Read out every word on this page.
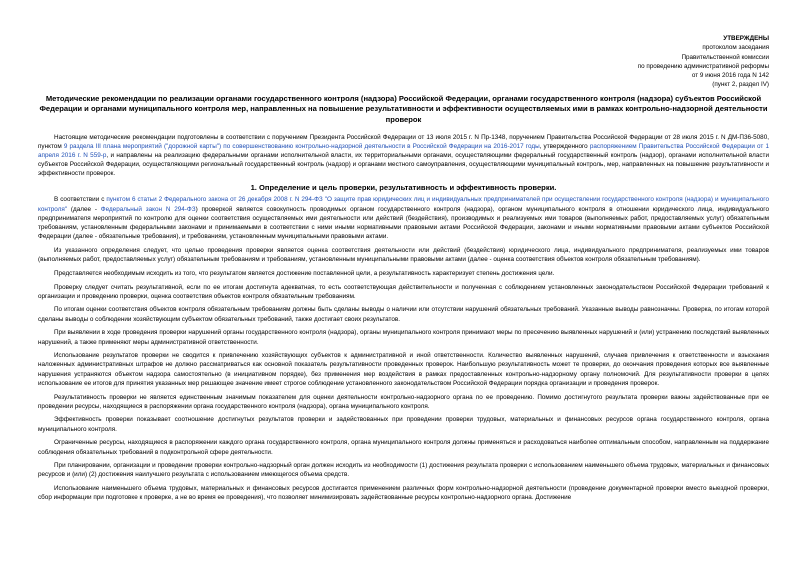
УТВЕРЖДЕНЫ
протоколом заседания
Правительственной комиссии
по проведению административной реформы
от 9 июня 2016 года N 142
(пункт 2, раздел IV)
Методические рекомендации по реализации органами государственного контроля (надзора) Российской Федерации, органами государственного контроля (надзора) субъектов Российской Федерации и органами муниципального контроля мер, направленных на повышение результативности и эффективности осуществляемых ими в рамках контрольно-надзорной деятельности проверок

Настоящие методические рекомендации подготовлены в соответствии с поручением Президента Российской Федерации от 13 июля 2015 г. N Пр-1348, поручением Правительства Российской Федерации от 28 июля 2015 г. N ДМ-П36-5080, пунктом 9 раздела III плана мероприятий ("дорожной карты") по совершенствованию контрольно-надзорной деятельности в Российской Федерации на 2016-2017 годы, утвержденного распоряжением Правительства Российской Федерации от 1 апреля 2016 г. N 559-р, и направлены на реализацию федеральными органами исполнительной власти, их территориальными органами, осуществляющими федеральный государственный контроль (надзор), органами исполнительной власти субъектов Российской Федерации, осуществляющими региональный государственный контроль (надзор) и органами местного самоуправления, осуществляющими муниципальный контроль, мер, направленных на повышение результативности и эффективности проверок.

1. Определение и цель проверки, результативность и эффективность проверки.

В соответствии с пунктом 6 статьи 2 Федерального закона от 26 декабря 2008 г. N 294-ФЗ "О защите прав юридических лиц и индивидуальных предпринимателей при осуществлении государственного контроля (надзора) и муниципального контроля" (далее - Федеральный закон N 294-ФЗ) проверкой является совокупность проводимых органом государственного контроля (надзора), органом муниципального контроля в отношении юридического лица, индивидуального предпринимателя мероприятий по контролю для оценки соответствия осуществляемых ими деятельности или действий (бездействия), производимых и реализуемых ими товаров (выполняемых работ, предоставляемых услуг) обязательным требованиям, установленным федеральными законами и принимаемыми в соответствии с ними иными нормативными правовыми актами Российской Федерации, законами и иными нормативными правовыми актами субъектов Российской Федерации (далее - обязательные требования), и требованиям, установленным муниципальными правовыми актами.

Из указанного определения следует, что целью проведения проверки является оценка соответствия деятельности или действий (бездействия) юридического лица, индивидуального предпринимателя, реализуемых ими товаров (выполняемых работ, предоставляемых услуг) обязательным требованиям и требованиям, установленным муниципальными правовыми актами (далее - оценка соответствия объектов контроля обязательным требованиям).

Представляется необходимым исходить из того, что результатом является достижение поставленной цели, а результативность характеризует степень достижения цели.

Проверку следует считать результативной, если по ее итогам достигнута адекватная, то есть соответствующая действительности и полученная с соблюдением установленных законодательством Российской Федерации требований к организации и проведению проверки, оценка соответствия объектов контроля обязательным требованиям.

По итогам оценки соответствия объектов контроля обязательным требованиям должны быть сделаны выводы о наличии или отсутствии нарушений обязательных требований. Указанные выводы равнозначны. Проверка, по итогам которой сделаны выводы о соблюдении хозяйствующим субъектом обязательных требований, также достигает своих результатов.

При выявлении в ходе проведения проверки нарушений органы государственного контроля (надзора), органы муниципального контроля принимают меры по пресечению выявленных нарушений и (или) устранению последствий выявленных нарушений, а также применяют меры административной ответственности.

Использование результатов проверки не сводится к привлечению хозяйствующих субъектов к административной и иной ответственности. Количество выявленных нарушений, случаев привлечения к ответственности и взыскания наложенных административных штрафов не должно рассматриваться как основной показатель результативности проведенных проверок. Наибольшую результативность может те проверки, до окончания проведения которых все выявленные нарушения устраняются объектом надзора самостоятельно (в инициативном порядке), без применения мер воздействия в рамках предоставленных контрольно-надзорному органу полномочий. Для результативности проверки в целях использование ее итогов для принятия указанных мер решающее значение имеет строгое соблюдение установленного законодательством Российской Федерации порядка организации и проведения проверок.

Результативность проверки не является единственным значимым показателем для оценки деятельности контрольно-надзорного органа по ее проведению. Помимо достигнутого результата проверки важны задействованные при ее проведении ресурсы, находящиеся в распоряжении органа государственного контроля (надзора), органа муниципального контроля.

Эффективность проверки показывает соотношение достигнутых результатов проверки и задействованных при проведении проверки трудовых, материальных и финансовых ресурсов органа государственного контроля, органа муниципального контроля.

Ограниченные ресурсы, находящиеся в распоряжении каждого органа государственного контроля, органа муниципального контроля должны применяться и расходоваться наиболее оптимальным способом, направленным на поддержание соблюдения обязательных требований в подконтрольной сфере деятельности.

При планировании, организации и проведении проверки контрольно-надзорный орган должен исходить из необходимости (1) достижения результата проверки с использованием наименьшего объема трудовых, материальных и финансовых ресурсов и (или) (2) достижения наилучшего результата с использованием имеющегося объема средств.

Использование наименьшего объема трудовых, материальных и финансовых ресурсов достигается применением различных форм контрольно-надзорной деятельности (проведение документарной проверки вместо выездной проверки, сбор информации при подготовке к проверке, а не во время ее проведения), что позволяет минимизировать задействованные ресурсы контрольно-надзорного органа. Достижение
